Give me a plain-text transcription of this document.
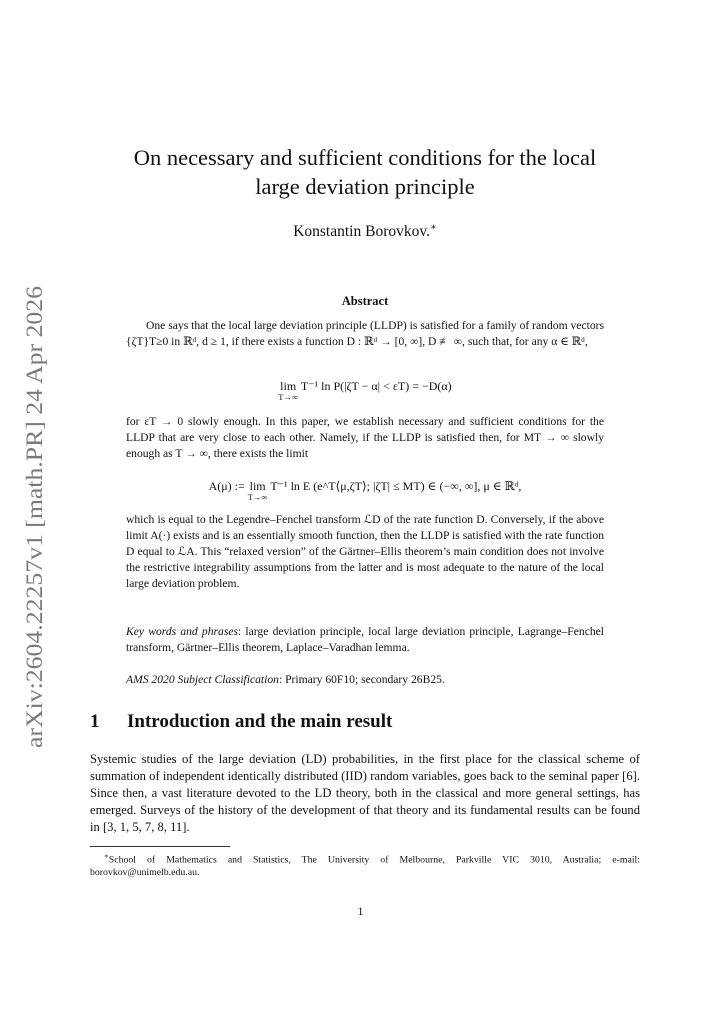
arXiv:2604.22257v1 [math.PR] 24 Apr 2026
On necessary and sufficient conditions for the local
large deviation principle
Konstantin Borovkov.∗
Abstract
One says that the local large deviation principle (LLDP) is satisfied for a family of random vectors {ζT}T≥0 in ℝᵈ, d ≥ 1, if there exists a function D : ℝᵈ → [0, ∞], D ≢ ∞, such that, for any α ∈ ℝᵈ,
lim
T→∞
T⁻¹ ln P(|ζT − α| < εT) = −D(α)
for εT → 0 slowly enough. In this paper, we establish necessary and sufficient conditions for the LLDP that are very close to each other. Namely, if the LLDP is satisfied then, for MT → ∞ slowly enough as T → ∞, there exists the limit
A(μ) := lim
T→∞
T⁻¹ ln E (e^T⟨μ,ζT⟩; |ζT| ≤ MT) ∈ (−∞, ∞], μ ∈ ℝᵈ,
which is equal to the Legendre–Fenchel transform ℒD of the rate function D. Conversely, if the above limit A(·) exists and is an essentially smooth function, then the LLDP is satisfied with the rate function D equal to ℒA. This “relaxed version” of the Gärtner–Ellis theorem’s main condition does not involve the restrictive integrability assumptions from the latter and is most adequate to the nature of the local large deviation problem.
Key words and phrases: large deviation principle, local large deviation principle, Lagrange–Fenchel transform, Gärtner–Ellis theorem, Laplace–Varadhan lemma.
AMS 2020 Subject Classification: Primary 60F10; secondary 26B25.
1 Introduction and the main result
Systemic studies of the large deviation (LD) probabilities, in the first place for the classical scheme of summation of independent identically distributed (IID) random variables, goes back to the seminal paper [6]. Since then, a vast literature devoted to the LD theory, both in the classical and more general settings, has emerged. Surveys of the history of the development of that theory and its fundamental results can be found in [3, 1, 5, 7, 8, 11].
∗School of Mathematics and Statistics, The University of Melbourne, Parkville VIC 3010, Australia; e-mail: borovkov@unimelb.edu.au.
1
